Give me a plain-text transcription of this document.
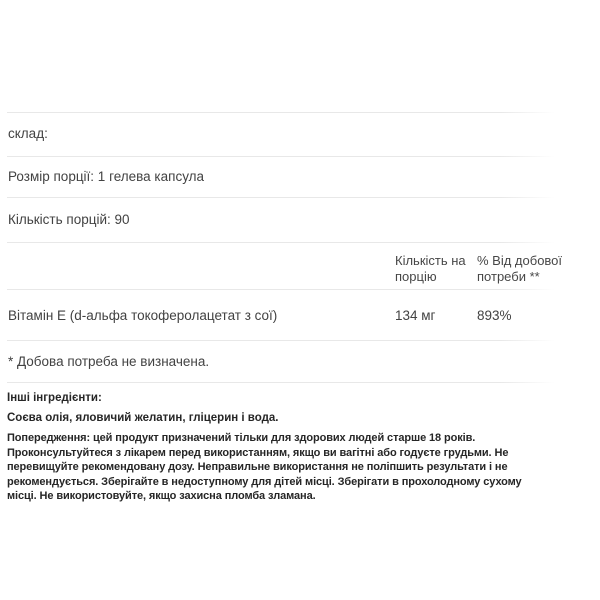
склад:
Розмір порції: 1 гелева капсула
Кількість порцій: 90
Кількість на порцію
% Від добової потреби **
Вітамін E (d-альфа токоферолацетат з сої)	134 мг	893%
* Добова потреба не визначена.
Інші інгредієнти:
Соєва олія, яловичий желатин, гліцерин і вода.
Попередження: цей продукт призначений тільки для здорових людей старше 18 років. Проконсультуйтеся з лікарем перед використанням, якщо ви вагітні або годуєте грудьми. Не перевищуйте рекомендовану дозу. Неправильне використання не поліпшить результати і не рекомендується. Зберігайте в недоступному для дітей місці. Зберігати в прохолодному сухому місці. Не використовуйте, якщо захисна пломба зламана.
